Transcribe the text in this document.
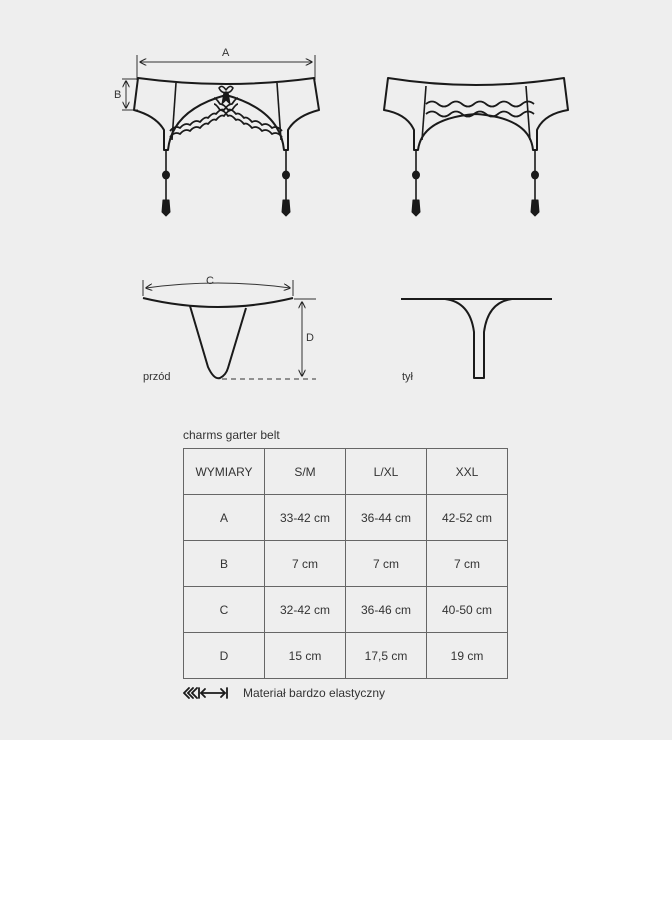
A
B
C
D
przód	tył
charms garter belt
WYMIARY	S/M	L/XL	XXL
A	33-42 cm	36-44 cm	42-52 cm
B	7 cm	7 cm	7 cm
C	32-42 cm	36-46 cm	40-50 cm
D	15 cm	17,5 cm	19 cm
Materiał bardzo elastyczny
